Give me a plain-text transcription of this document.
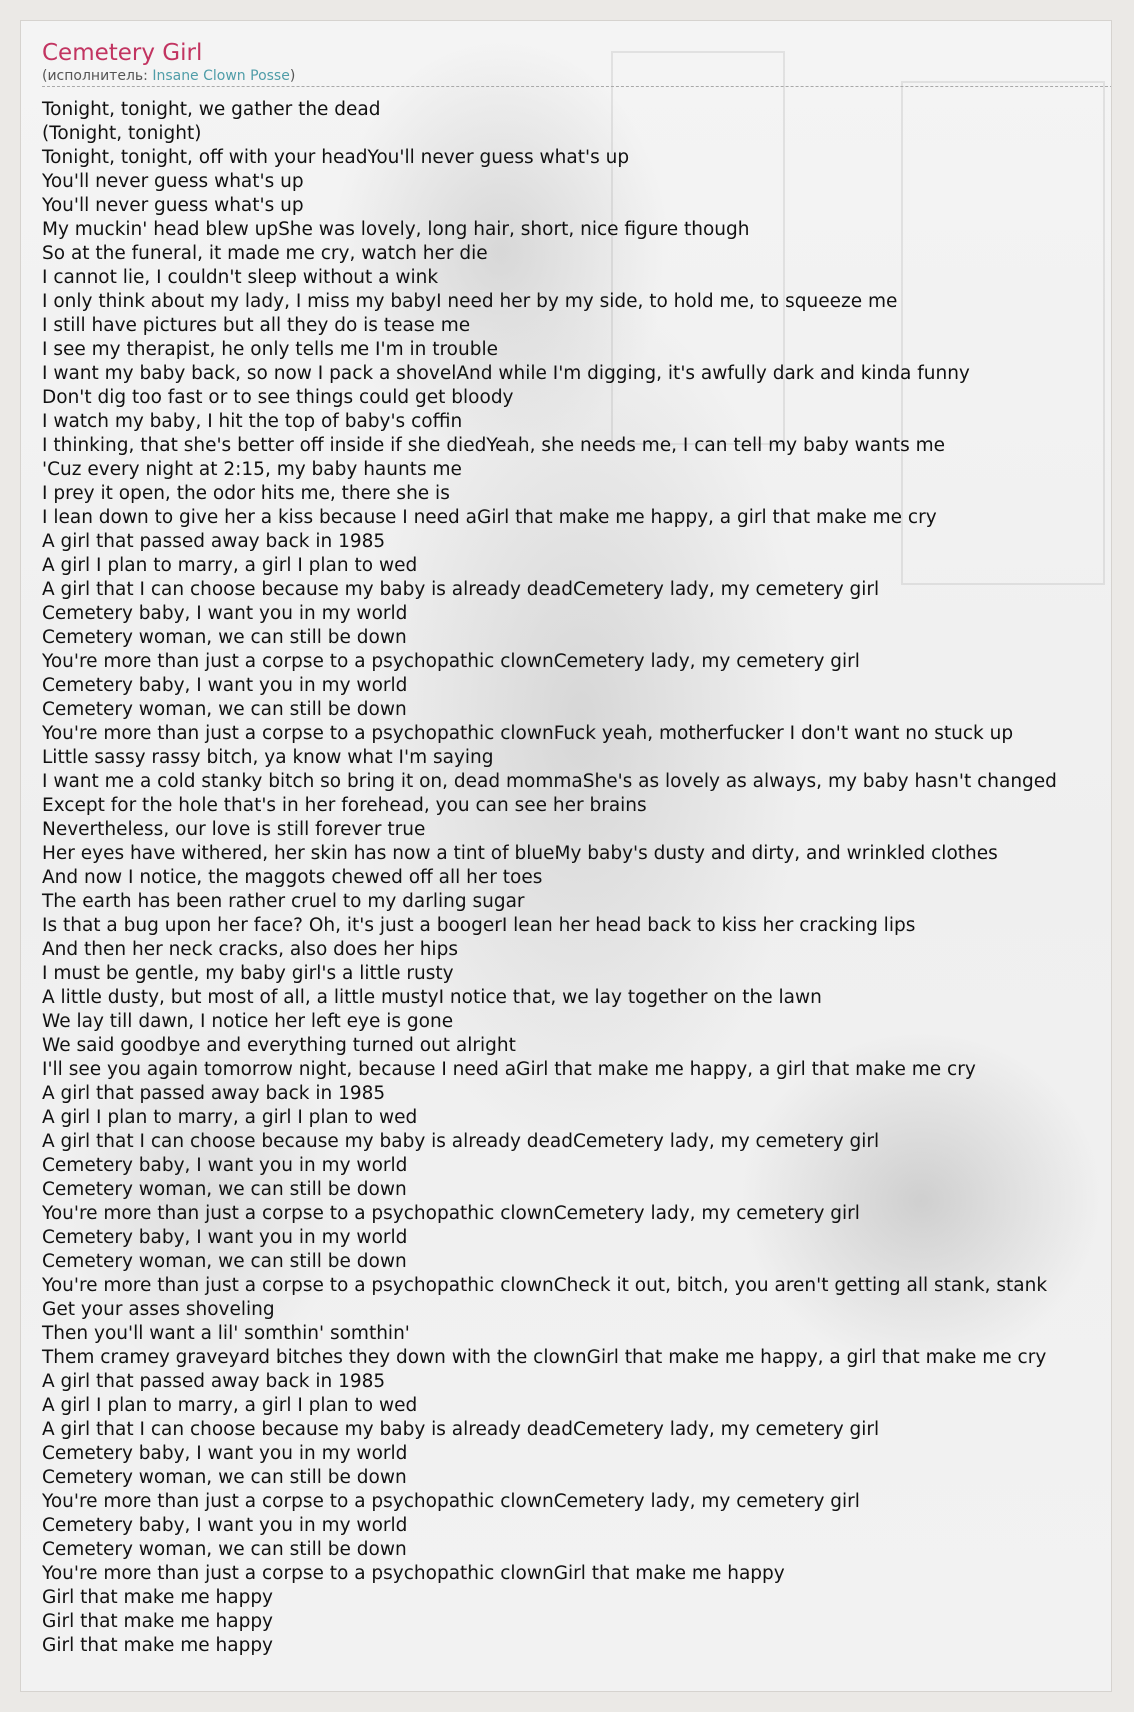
Cemetery Girl
(исполнитель: Insane Clown Posse)
Tonight, tonight, we gather the dead
(Tonight, tonight)
Tonight, tonight, off with your headYou'll never guess what's up
You'll never guess what's up
You'll never guess what's up
My muckin' head blew upShe was lovely, long hair, short, nice figure though
So at the funeral, it made me cry, watch her die
I cannot lie, I couldn't sleep without a wink
I only think about my lady, I miss my babyI need her by my side, to hold me, to squeeze me
I still have pictures but all they do is tease me
I see my therapist, he only tells me I'm in trouble
I want my baby back, so now I pack a shovelAnd while I'm digging, it's awfully dark and kinda funny
Don't dig too fast or to see things could get bloody
I watch my baby, I hit the top of baby's coffin
I thinking, that she's better off inside if she diedYeah, she needs me, I can tell my baby wants me
'Cuz every night at 2:15, my baby haunts me
I prey it open, the odor hits me, there she is
I lean down to give her a kiss because I need aGirl that make me happy, a girl that make me cry
A girl that passed away back in 1985
A girl I plan to marry, a girl I plan to wed
A girl that I can choose because my baby is already deadCemetery lady, my cemetery girl
Cemetery baby, I want you in my world
Cemetery woman, we can still be down
You're more than just a corpse to a psychopathic clownCemetery lady, my cemetery girl
Cemetery baby, I want you in my world
Cemetery woman, we can still be down
You're more than just a corpse to a psychopathic clownFuck yeah, motherfucker I don't want no stuck up
Little sassy rassy bitch, ya know what I'm saying
I want me a cold stanky bitch so bring it on, dead mommaShe's as lovely as always, my baby hasn't changed
Except for the hole that's in her forehead, you can see her brains
Nevertheless, our love is still forever true
Her eyes have withered, her skin has now a tint of blueMy baby's dusty and dirty, and wrinkled clothes
And now I notice, the maggots chewed off all her toes
The earth has been rather cruel to my darling sugar
Is that a bug upon her face? Oh, it's just a boogerI lean her head back to kiss her cracking lips
And then her neck cracks, also does her hips
I must be gentle, my baby girl's a little rusty
A little dusty, but most of all, a little mustyI notice that, we lay together on the lawn
We lay till dawn, I notice her left eye is gone
We said goodbye and everything turned out alright
I'll see you again tomorrow night, because I need aGirl that make me happy, a girl that make me cry
A girl that passed away back in 1985
A girl I plan to marry, a girl I plan to wed
A girl that I can choose because my baby is already deadCemetery lady, my cemetery girl
Cemetery baby, I want you in my world
Cemetery woman, we can still be down
You're more than just a corpse to a psychopathic clownCemetery lady, my cemetery girl
Cemetery baby, I want you in my world
Cemetery woman, we can still be down
You're more than just a corpse to a psychopathic clownCheck it out, bitch, you aren't getting all stank, stank
Get your asses shoveling
Then you'll want a lil' somthin' somthin'
Them cramey graveyard bitches they down with the clownGirl that make me happy, a girl that make me cry
A girl that passed away back in 1985
A girl I plan to marry, a girl I plan to wed
A girl that I can choose because my baby is already deadCemetery lady, my cemetery girl
Cemetery baby, I want you in my world
Cemetery woman, we can still be down
You're more than just a corpse to a psychopathic clownCemetery lady, my cemetery girl
Cemetery baby, I want you in my world
Cemetery woman, we can still be down
You're more than just a corpse to a psychopathic clownGirl that make me happy
Girl that make me happy
Girl that make me happy
Girl that make me happy
